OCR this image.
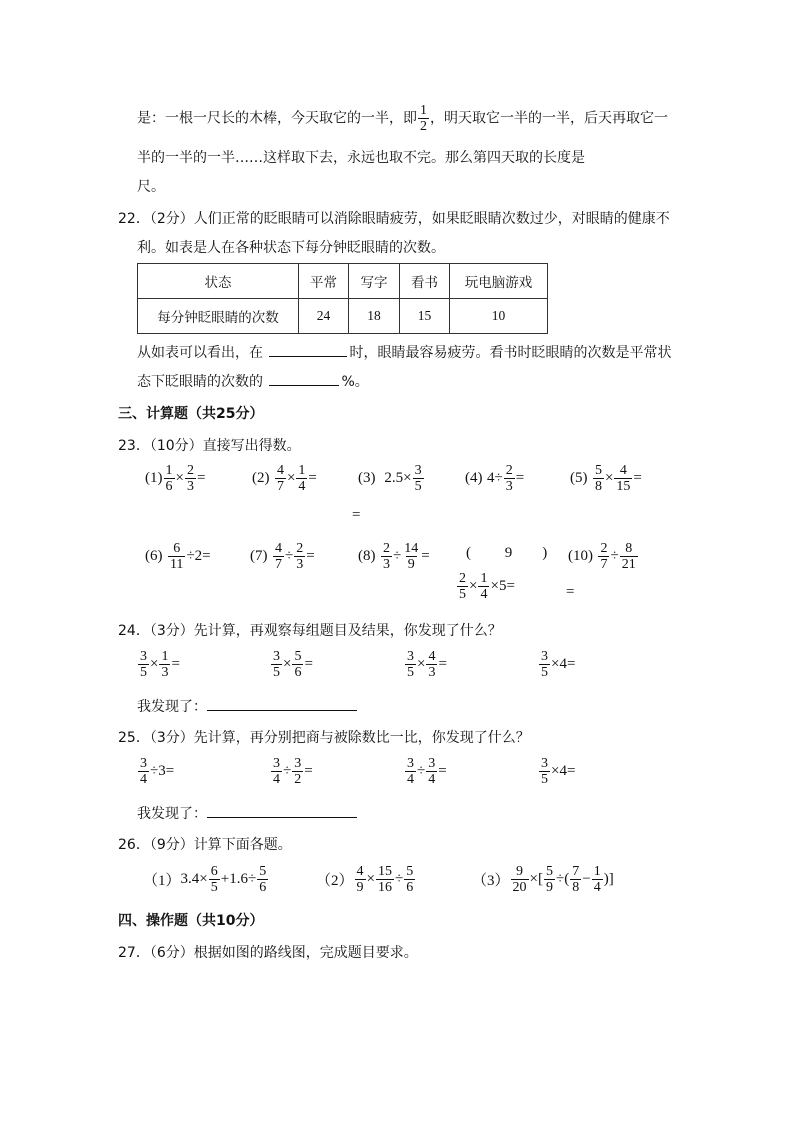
是：一根一尺长的木棒，今天取它的一半，即 $\frac{1}{2}$ ，明天取它一半的一半，后天再取它一
半的一半的一半……这样取下去，永远也取不完。那么第四天取的长度是
尺。
22．（2分）人们正常的眨眼睛可以消除眼睛疲劳，如果眨眼睛次数过少，对眼睛的健康不
利。如表是人在各种状态下每分钟眨眼睛的次数。
状态	平常	写字	看书	玩电脑游戏
每分钟眨眼睛的次数	24	18	15	10
从如表可以看出，在	时，眼睛最容易疲劳。看书时眨眼睛的次数是平常状
态下眨眼睛的次数的	%。
三、计算题（共25分）
23．（10分）直接写出得数。
$(1) \frac{1}{6} \times \frac{2}{3}$ =	$(2) \frac{4}{7} \times \frac{1}{4}$ =	(3) $2.5\times \frac{3}{5}$
=
(4) $4\div \frac{2}{3}$ =	$(5) \frac{5}{8} \times \frac{4}{15}$ =
$(6) \frac{6}{11} \div 2=$	$(7) \frac{4}{7} \div \frac{2}{3}$ =	$(8) \frac{2}{3} \div \frac{14}{9}$ = ( 9 )
$\frac{2}{5} \times \frac{1}{4} \times 5=$
$(10) \frac{2}{7} \div \frac{8}{21}$
=
24．（3分）先计算，再观察每组题目及结果，你发现了什么？
$\frac{3}{5} \times \frac{1}{3}$ =	$\frac{3}{5} \times \frac{5}{6}$ =	$\frac{3}{5} \times \frac{4}{3}$ =	$\frac{3}{5} \times 4=$
我发现了：
25．（3分）先计算，再分别把商与被除数比一比，你发现了什么？
$\frac{3}{4} \div 3=$	$\frac{3}{4} \div \frac{3}{2}$ =	$\frac{3}{4} \div \frac{3}{4}$ =	$\frac{3}{5} \times 4=$
我发现了：
26．（9分）计算下面各题。
$(1)3.4\times \frac{6}{5} +1.6\div \frac{5}{6}$	$(2) \frac{4}{9} \times \frac{15}{16} \div \frac{5}{6}$	$(3) \frac{9}{20}$ ×[ $\frac{5}{9}$ ÷( $\frac{7}{8} - \frac{1}{4}$ )]
四、操作题（共10分）
27．（6分）根据如图的路线图，完成题目要求。
